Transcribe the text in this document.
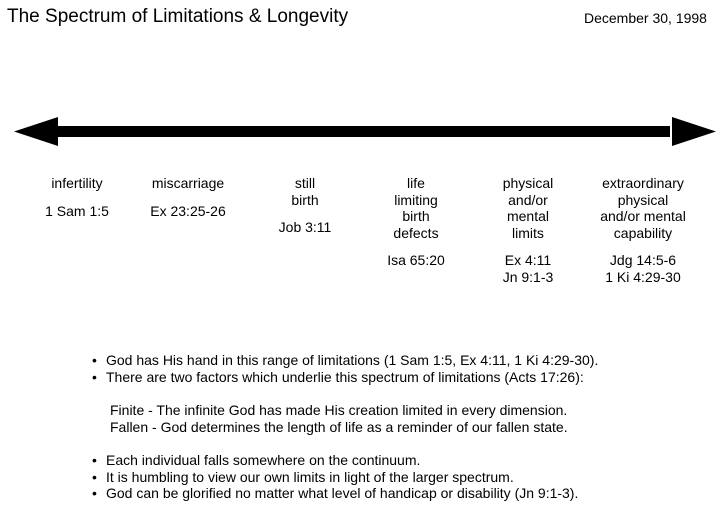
The Spectrum of Limitations & Longevity	December 30, 1998
infertility
1 Sam 1:5
miscarriage
Ex 23:25-26
still
birth
Job 3:11
life
limiting
birth
defects
Isa 65:20
physical
and/or
mental
limits
Ex 4:11
Jn 9:1-3
extraordinary
physical
and/or mental
capability
Jdg 14:5-6
1 Ki 4:29-30
• God has His hand in this range of limitations (1 Sam 1:5, Ex 4:11, 1 Ki 4:29-30).
• There are two factors which underlie this spectrum of limitations (Acts 17:26):
Finite - The infinite God has made His creation limited in every dimension.
Fallen - God determines the length of life as a reminder of our fallen state.
• Each individual falls somewhere on the continuum.
• It is humbling to view our own limits in light of the larger spectrum.
• God can be glorified no matter what level of handicap or disability (Jn 9:1-3).
